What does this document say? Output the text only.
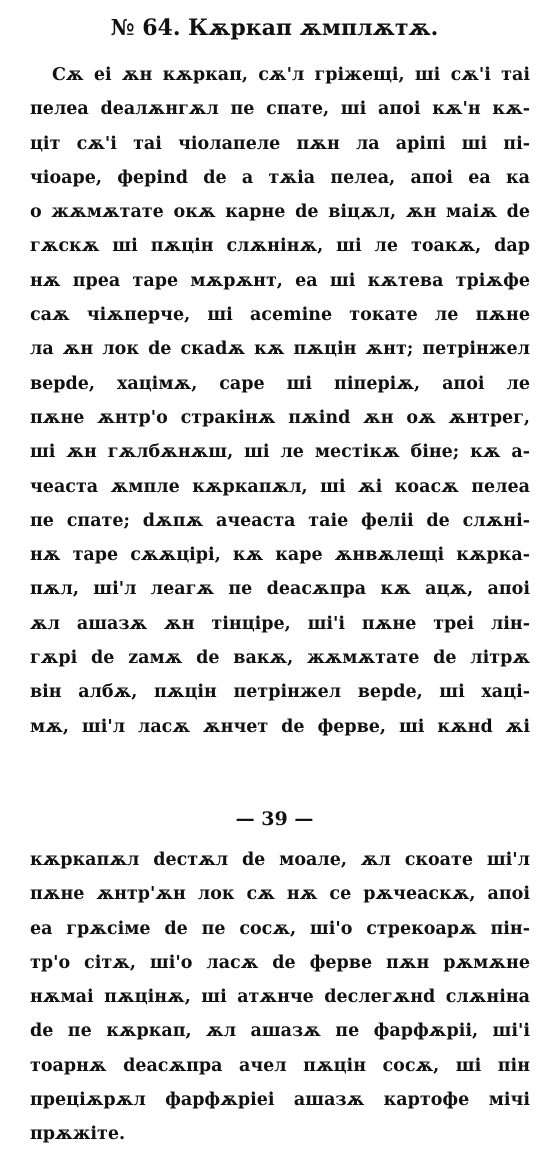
№ 64. Кѫркап ѫмплѫтѫ.
Сѫ еi ѫн кѫркап, сѫ'л грiжещi, шi сѫ'i таi
пелеа dеалѫнгѫл пе спате, шi апоi кѫ'н кѫ-
цiт сѫ'i таi чiолапеле пѫн ла арiпi шi пi-
чiоаре, ферind dе а тѫiа пелеа, апоi еа ка
о жѫмѫтате окѫ карне dе вiцѫл, ѫн маiѫ dе
гѫскѫ шi пѫцiн слѫнiнѫ, шi ле тоакѫ, dар
нѫ преа таре мѫрѫнт, еа шi кѫтева трiѫфе
саѫ чiѫперче, шi асеminе токате ле пѫне
ла ѫн лок dе скаdѫ кѫ пѫцiн ѫнт; петрiнжел
верdе, хацiмѫ, саре шi пiперiѫ, апоi ле
пѫне ѫнтр'о стракiнѫ пѫind ѫн оѫ ѫнтрег,
шi ѫн гѫлбѫнѫш, шi ле местiкѫ бiне; кѫ а-
чеаста ѫмпле кѫркапѫл, шi ѫi коасѫ пелеа
пе спате; dѫпѫ ачеаста таiе фелii dе слѫнi-
нѫ таре сѫѫцiрi, кѫ каре ѫнвѫлещi кѫрка-
пѫл, шi'л леагѫ пе dеасѫпра кѫ ацѫ, апоi
ѫл ашазѫ ѫн тiнцiре, шi'i пѫне треi лiн-
гѫрi dе zамѫ dе вакѫ, жѫмѫтате dе лiтрѫ
вiн албѫ, пѫцiн петрiнжел верdе, шi хацi-
мѫ, шi'л ласѫ ѫнчет dе ферве, шi кѫнd ѫi
— 39 —
кѫркапѫл dестѫл dе моале, ѫл скоате шi'л
пѫне ѫнтр'ѫн лок сѫ нѫ се рѫчеаскѫ, апоi
еа грѫсiме dе пе сосѫ, шi'о стрекоарѫ пiн-
тр'о сiтѫ, шi'о ласѫ dе ферве пѫн рѫмѫне
нѫмаi пѫцiнѫ, шi атѫнче dеслегѫнd слѫнiна
dе пе кѫркап, ѫл ашазѫ пе фарфѫрii, шi'i
тоарнѫ dеасѫпра ачел пѫцiн сосѫ, шi пiн
прецiѫрѫл фарфѫрiеi ашазѫ картофе мiчi
прѫжiте.
